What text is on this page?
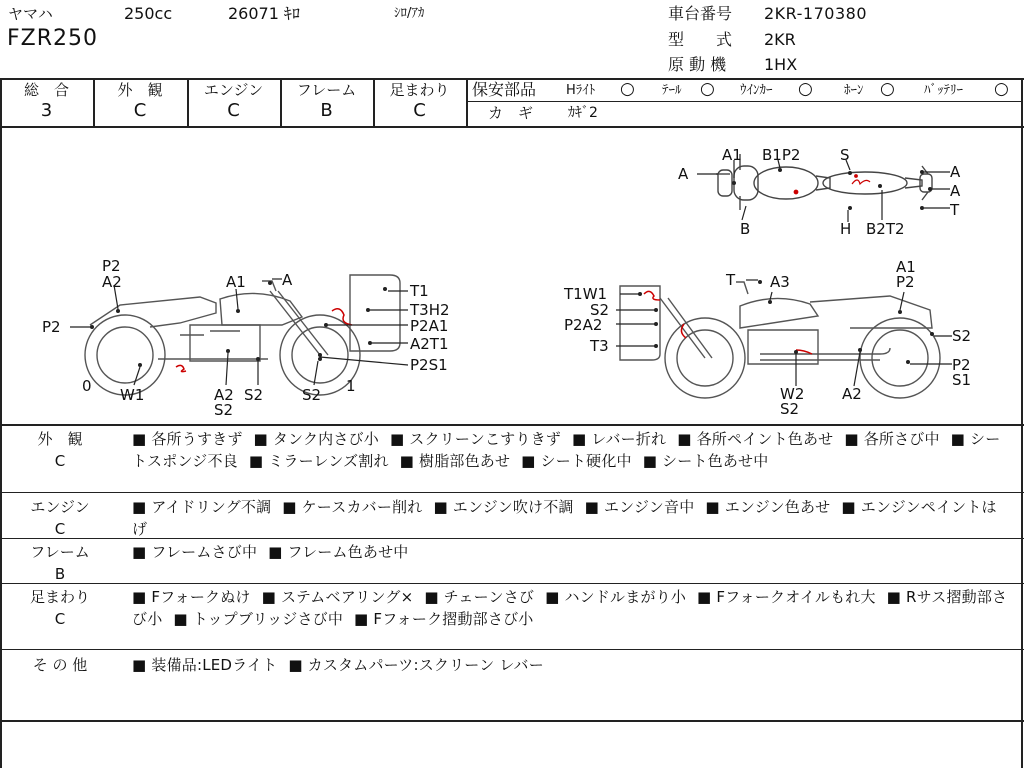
ヤマハ	250cc	26071 ｷﾛ	ｼﾛ/ｱｶ
FZR250
車台番号 2KR-170380
型　　式 2KR
原 動 機 1HX
総　合
3
外　観
C
エンジン
C
フレーム
B
足まわり
C
保安部品 Hﾗｲﾄ ○ ﾃｰﾙ ○ ｳｲﾝｶｰ ○ ﾎｰﾝ ○ ﾊﾞｯﾃﾘｰ ○
カ　ギ ｶｷﾞ2
A1 B1P2	S
A
A
A
T
B	H B2T2
P2
A2
P2
A1 A
T1
T3H2
P2A1
A2T1
P2S1
0 W1	A2
S2
S2	S2 1
T A3
A1
P2
T1W1
S2
P2A2
T3
S2
P2
S1
W2
S2
A2
外　観
C
■ 各所うすきず ■ タンク内さび小 ■ スクリーンこすりきず ■ レバー折れ ■ 各所ペイント色あせ ■ 各所さび中 ■ シートスポンジ不良 ■ ミラーレンズ割れ ■ 樹脂部色あせ ■ シート硬化中 ■ シート色あせ中
エンジン
C
■ アイドリング不調 ■ ケースカバー削れ ■ エンジン吹け不調 ■ エンジン音中 ■ エンジン色あせ ■ エンジンペイントはげ
フレーム
B
■ フレームさび中 ■ フレーム色あせ中
足まわり
C
■ Fフォークぬけ ■ ステムベアリング× ■ チェーンさび ■ ハンドルまがり小 ■ Fフォークオイルもれ大 ■ Rサス摺動部さび小 ■ トップブリッジさび中 ■ Fフォーク摺動部さび小
そ の 他	■ 装備品:LEDライト ■ カスタムパーツ:スクリーン レバー
